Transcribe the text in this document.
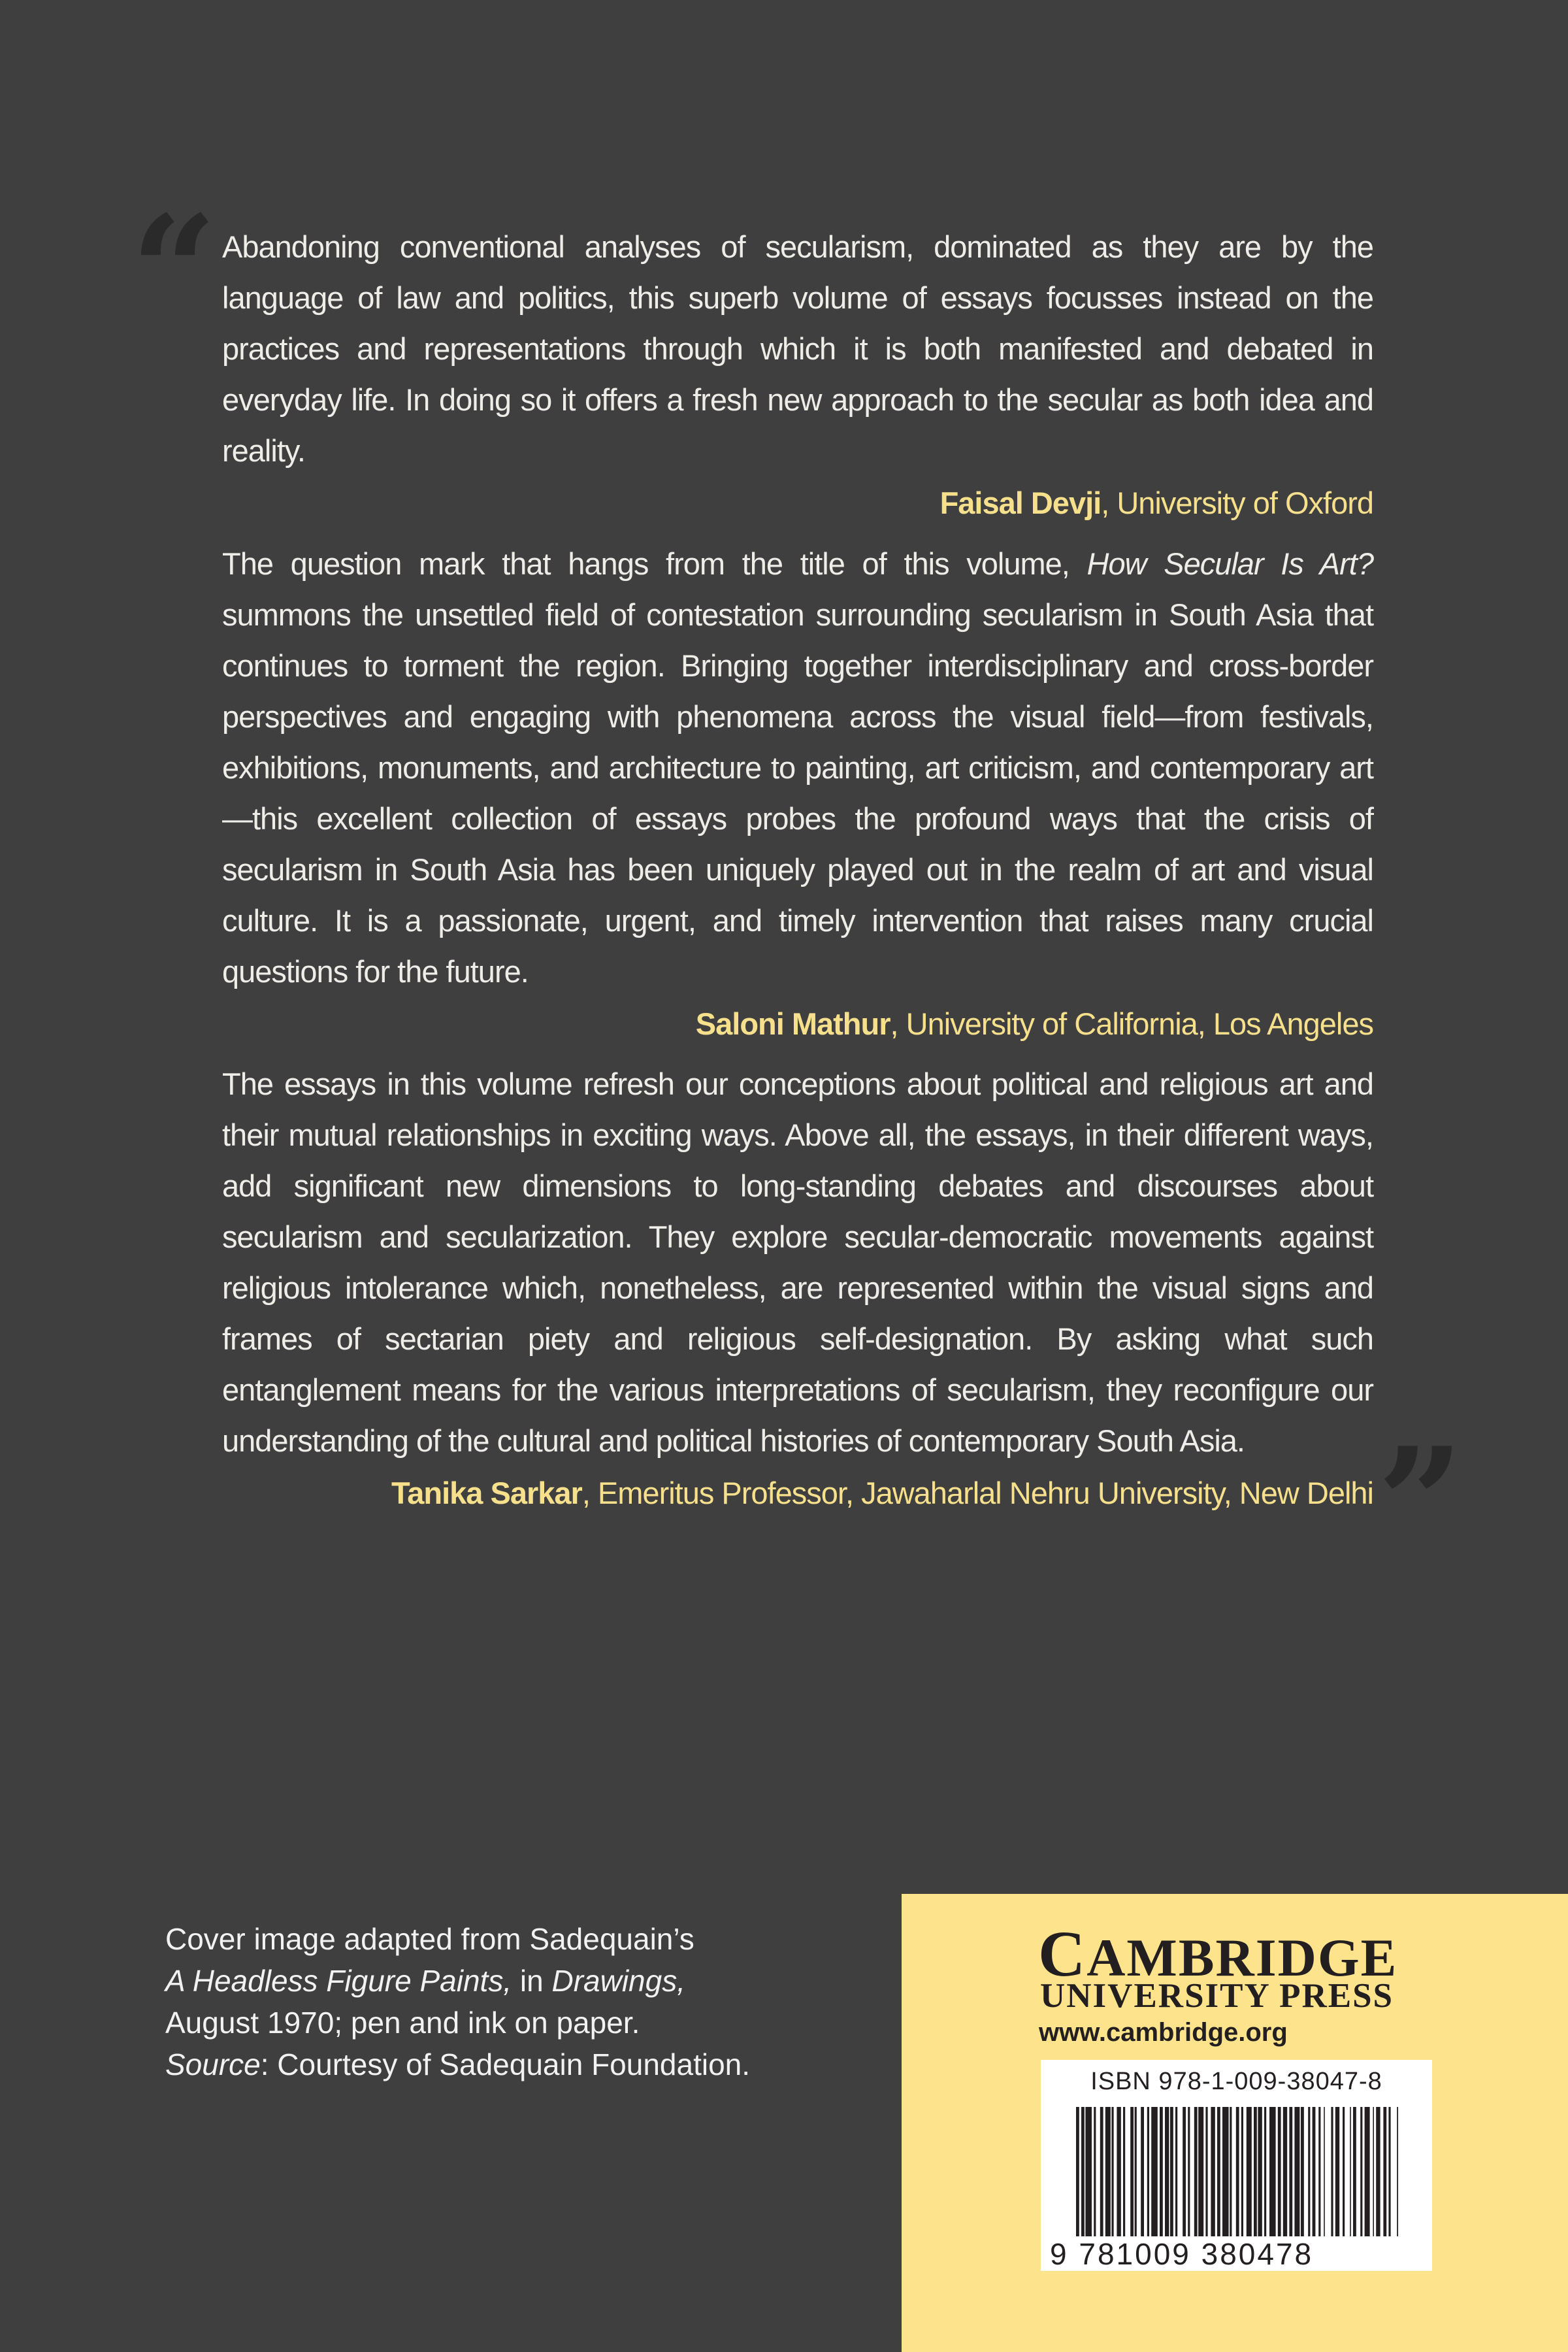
“ Abandoning conventional analyses of secularism, dominated as they are by the language of law and politics, this superb volume of essays focusses instead on the practices and representations through which it is both manifested and debated in everyday life. In doing so it offers a fresh new approach to the secular as both idea and reality.

Faisal Devji, University of Oxford

The question mark that hangs from the title of this volume, How Secular Is Art? summons the unsettled field of contestation surrounding secularism in South Asia that continues to torment the region. Bringing together interdisciplinary and cross-border perspectives and engaging with phenomena across the visual field—from festivals, exhibitions, monuments, and architecture to painting, art criticism, and contemporary art—this excellent collection of essays probes the profound ways that the crisis of secularism in South Asia has been uniquely played out in the realm of art and visual culture. It is a passionate, urgent, and timely intervention that raises many crucial questions for the future.

Saloni Mathur, University of California, Los Angeles

The essays in this volume refresh our conceptions about political and religious art and their mutual relationships in exciting ways. Above all, the essays, in their different ways, add significant new dimensions to long-standing debates and discourses about secularism and secularization. They explore secular-democratic movements against religious intolerance which, nonetheless, are represented within the visual signs and frames of sectarian piety and religious self-designation. By asking what such entanglement means for the various interpretations of secularism, they reconfigure our understanding of the cultural and political histories of contemporary South Asia.

Tanika Sarkar, Emeritus Professor, Jawaharlal Nehru University, New Delhi ”
Cover image adapted from Sadequain’s
A Headless Figure Paints, in Drawings,
August 1970; pen and ink on paper.
Source: Courtesy of Sadequain Foundation.
CAMBRIDGE
UNIVERSITY PRESS
www.cambridge.org
ISBN 978-1-009-38047-8
9 781009 380478
